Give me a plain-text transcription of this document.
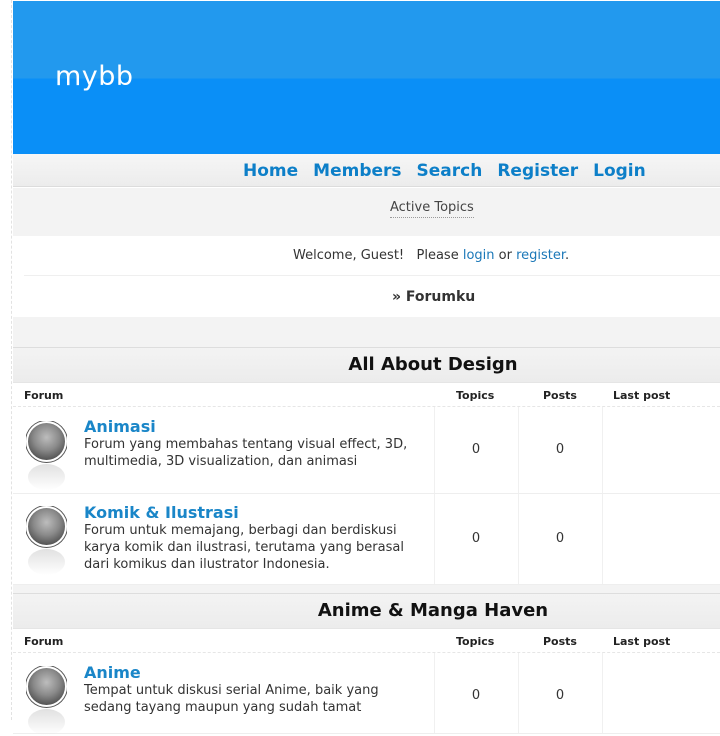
mybb
Home Members Search Register Login
Active Topics
Welcome, Guest!   Please login or register.
» Forumku
All About Design
Forum	Topics	Posts	Last post
Animasi
Forum yang membahas tentang visual effect, 3D, multimedia, 3D visualization, dan animasi
0	0
Komik & Ilustrasi
Forum untuk memajang, berbagi dan berdiskusi karya komik dan ilustrasi, terutama yang berasal dari komikus dan ilustrator Indonesia.
0	0
Anime & Manga Haven
Forum	Topics	Posts	Last post
Anime
Tempat untuk diskusi serial Anime, baik yang sedang tayang maupun yang sudah tamat
0	0
